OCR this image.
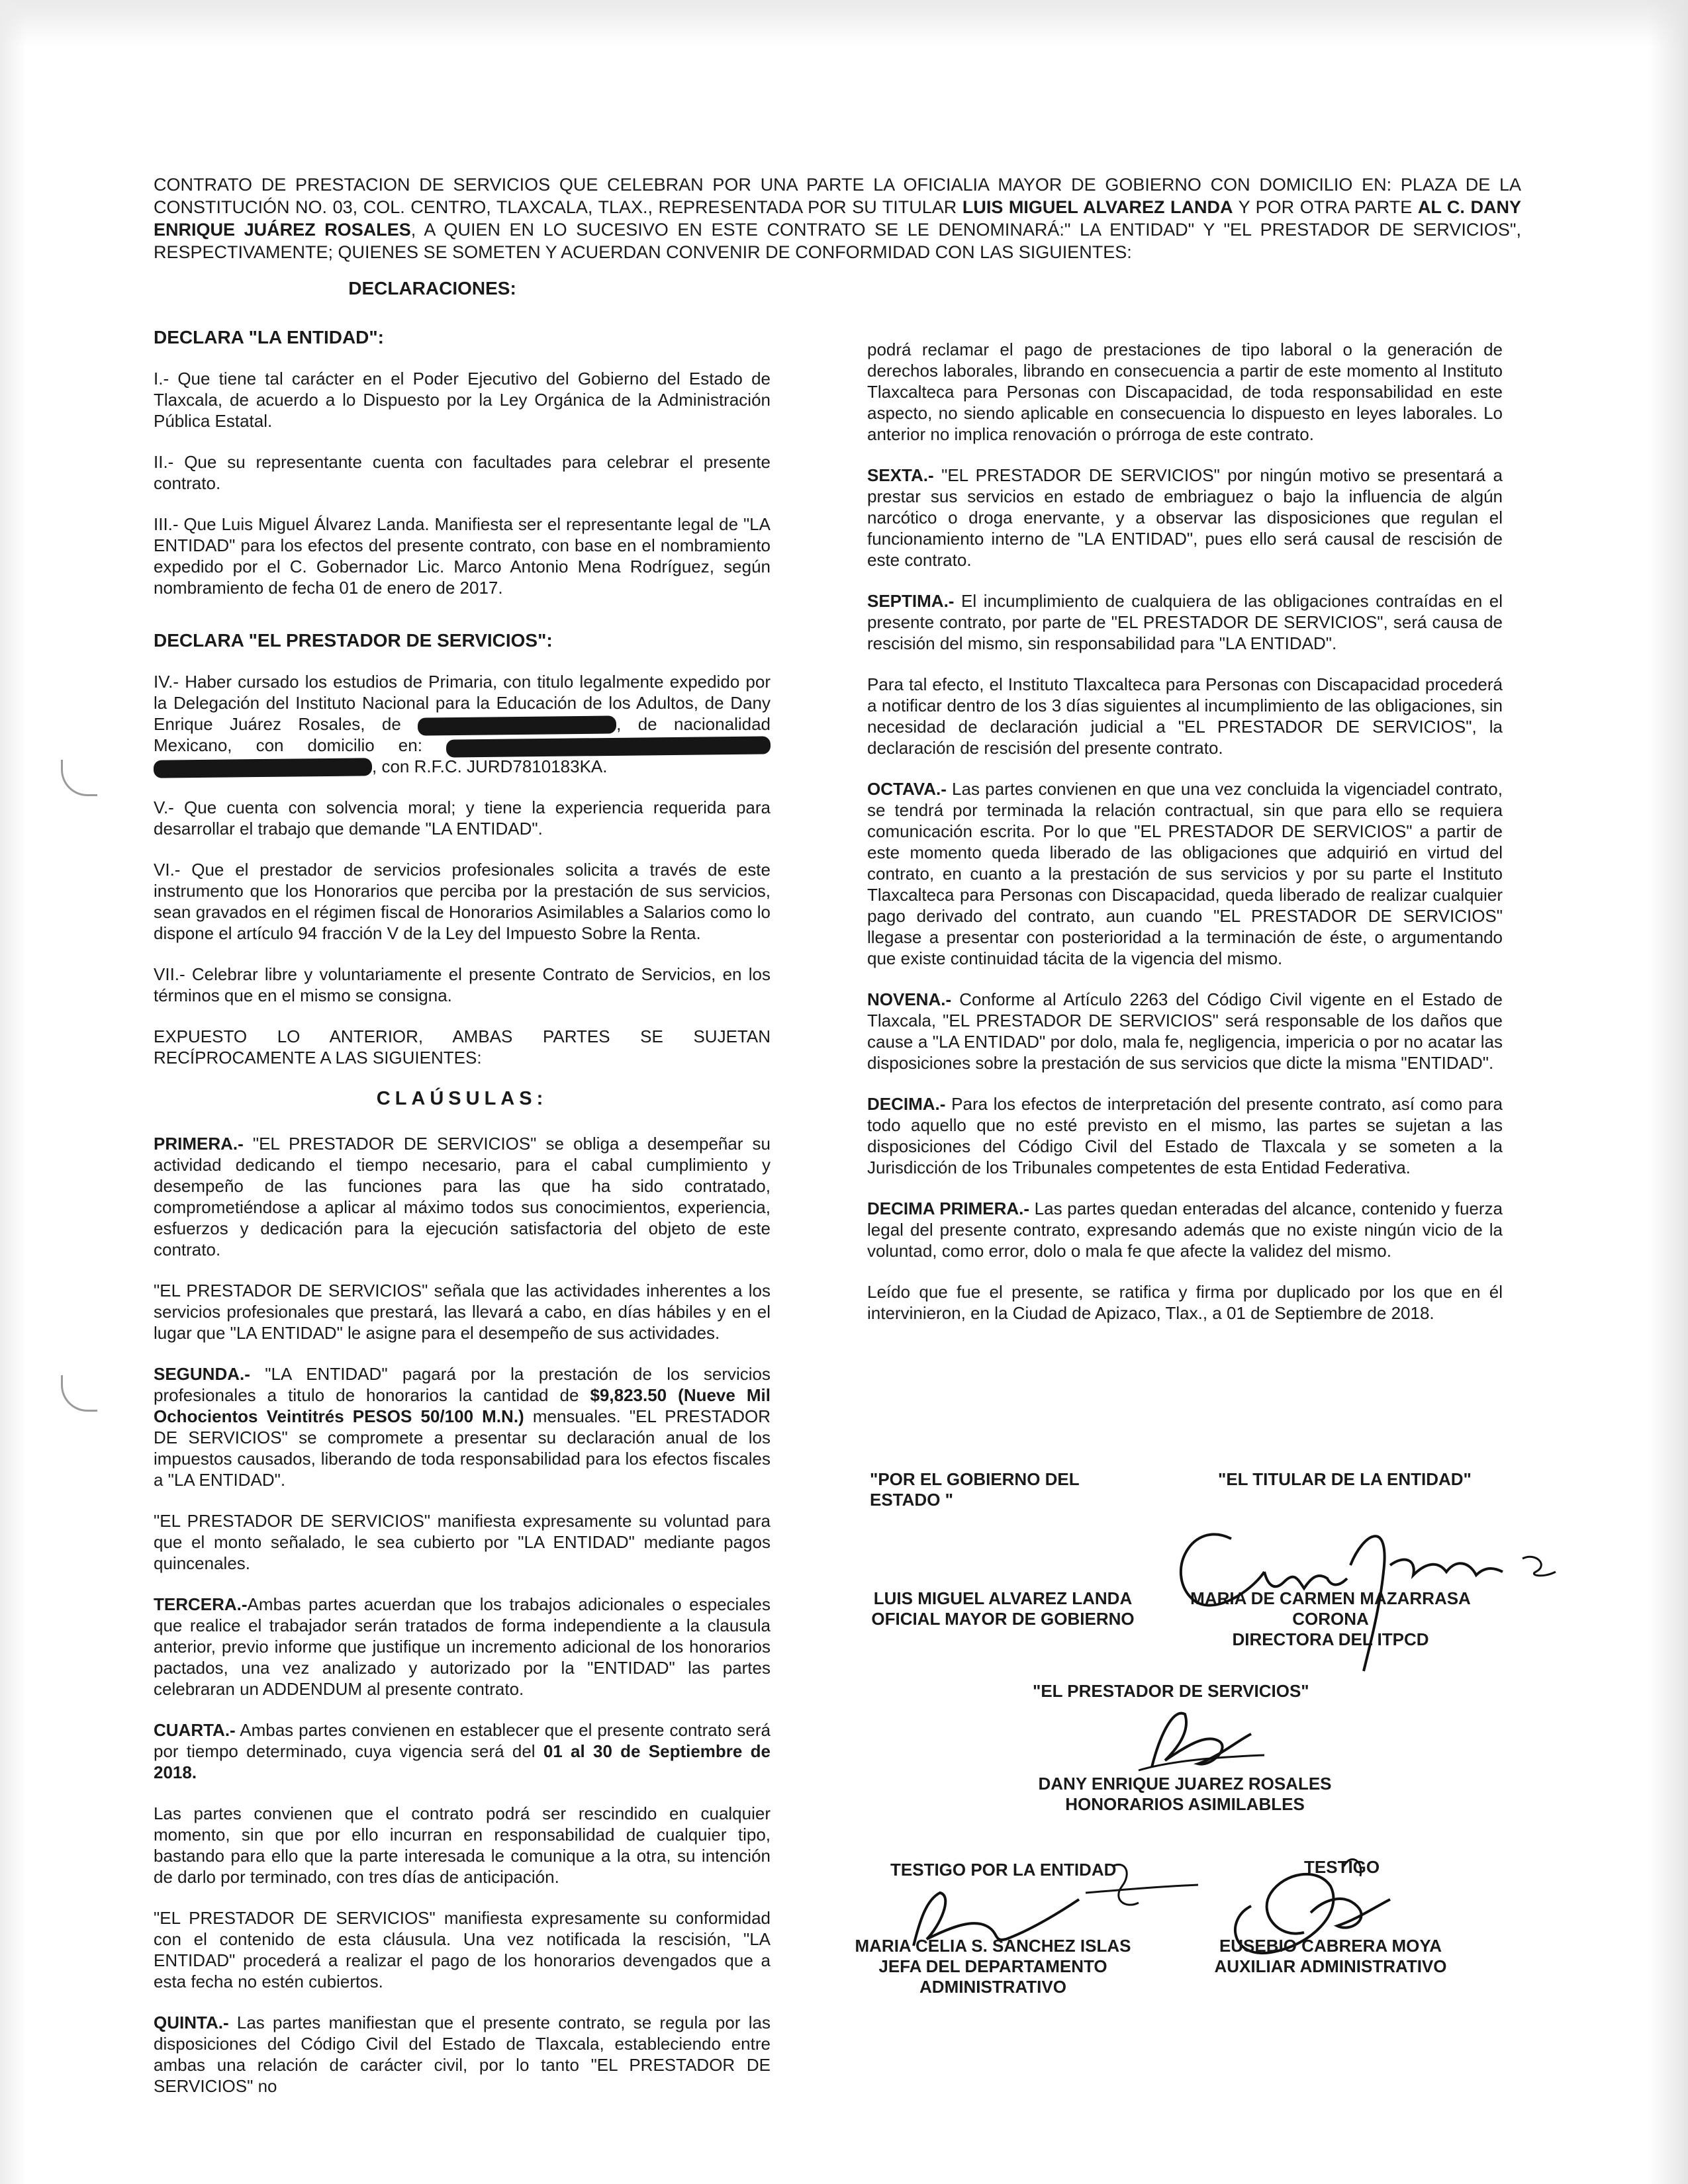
CONTRATO DE PRESTACION DE SERVICIOS QUE CELEBRAN POR UNA PARTE LA OFICIALIA MAYOR DE GOBIERNO CON DOMICILIO EN: PLAZA DE LA CONSTITUCIÓN NO. 03, COL. CENTRO, TLAXCALA, TLAX., REPRESENTADA POR SU TITULAR LUIS MIGUEL ALVAREZ LANDA Y POR OTRA PARTE AL C. DANY ENRIQUE JUÁREZ ROSALES, A QUIEN EN LO SUCESIVO EN ESTE CONTRATO SE LE DENOMINARÁ:" LA ENTIDAD" Y "EL PRESTADOR DE SERVICIOS", RESPECTIVAMENTE; QUIENES SE SOMETEN Y ACUERDAN CONVENIR DE CONFORMIDAD CON LAS SIGUIENTES:
DECLARACIONES:
DECLARA "LA ENTIDAD":

I.- Que tiene tal carácter en el Poder Ejecutivo del Gobierno del Estado de Tlaxcala, de acuerdo a lo Dispuesto por la Ley Orgánica de la Administración Pública Estatal.

II.- Que su representante cuenta con facultades para celebrar el presente contrato.

III.- Que Luis Miguel Álvarez Landa. Manifiesta ser el representante legal de "LA ENTIDAD" para los efectos del presente contrato, con base en el nombramiento expedido por el C. Gobernador Lic. Marco Antonio Mena Rodríguez, según nombramiento de fecha 01 de enero de 2017.

DECLARA "EL PRESTADOR DE SERVICIOS":

IV.- Haber cursado los estudios de Primaria, con titulo legalmente expedido por la Delegación del Instituto Nacional para la Educación de los Adultos, de Dany Enrique Juárez Rosales, de	, de nacionalidad Mexicano, con domicilio en:  , con R.F.C. JURD7810183KA.

V.- Que cuenta con solvencia moral; y tiene la experiencia requerida para desarrollar el trabajo que demande "LA ENTIDAD".

VI.- Que el prestador de servicios profesionales solicita a través de este instrumento que los Honorarios que perciba por la prestación de sus servicios, sean gravados en el régimen fiscal de Honorarios Asimilables a Salarios como lo dispone el artículo 94 fracción V de la Ley del Impuesto Sobre la Renta.

VII.- Celebrar libre y voluntariamente el presente Contrato de Servicios, en los términos que en el mismo se consigna.

EXPUESTO LO ANTERIOR, AMBAS PARTES SE SUJETAN RECÍPROCAMENTE A LAS SIGUIENTES:

CLAÚSULAS:

PRIMERA.- "EL PRESTADOR DE SERVICIOS" se obliga a desempeñar su actividad dedicando el tiempo necesario, para el cabal cumplimiento y desempeño de las funciones para las que ha sido contratado, comprometiéndose a aplicar al máximo todos sus conocimientos, experiencia, esfuerzos y dedicación para la ejecución satisfactoria del objeto de este contrato.

"EL PRESTADOR DE SERVICIOS" señala que las actividades inherentes a los servicios profesionales que prestará, las llevará a cabo, en días hábiles y en el lugar que "LA ENTIDAD" le asigne para el desempeño de sus actividades.

SEGUNDA.- "LA ENTIDAD" pagará por la prestación de los servicios profesionales a titulo de honorarios la cantidad de $9,823.50 (Nueve Mil Ochocientos Veintitrés PESOS 50/100 M.N.) mensuales. "EL PRESTADOR DE SERVICIOS" se compromete a presentar su declaración anual de los impuestos causados, liberando de toda responsabilidad para los efectos fiscales a "LA ENTIDAD".

"EL PRESTADOR DE SERVICIOS" manifiesta expresamente su voluntad para que el monto señalado, le sea cubierto por "LA ENTIDAD" mediante pagos quincenales.

TERCERA.-Ambas partes acuerdan que los trabajos adicionales o especiales que realice el trabajador serán tratados de forma independiente a la clausula anterior, previo informe que justifique un incremento adicional de los honorarios pactados, una vez analizado y autorizado por la "ENTIDAD" las partes celebraran un ADDENDUM al presente contrato.

CUARTA.- Ambas partes convienen en establecer que el presente contrato será por tiempo determinado, cuya vigencia será del 01 al 30 de Septiembre de 2018.

Las partes convienen que el contrato podrá ser rescindido en cualquier momento, sin que por ello incurran en responsabilidad de cualquier tipo, bastando para ello que la parte interesada le comunique a la otra, su intención de darlo por terminado, con tres días de anticipación.

"EL PRESTADOR DE SERVICIOS" manifiesta expresamente su conformidad con el contenido de esta cláusula. Una vez notificada la rescisión, "LA ENTIDAD" procederá a realizar el pago de los honorarios devengados que a esta fecha no estén cubiertos.

QUINTA.- Las partes manifiestan que el presente contrato, se regula por las disposiciones del Código Civil del Estado de Tlaxcala, estableciendo entre ambas una relación de carácter civil, por lo tanto "EL PRESTADOR DE SERVICIOS" no

podrá reclamar el pago de prestaciones de tipo laboral o la generación de derechos laborales, librando en consecuencia a partir de este momento al Instituto Tlaxcalteca para Personas con Discapacidad, de toda responsabilidad en este aspecto, no siendo aplicable en consecuencia lo dispuesto en leyes laborales. Lo anterior no implica renovación o prórroga de este contrato.

SEXTA.- "EL PRESTADOR DE SERVICIOS" por ningún motivo se presentará a prestar sus servicios en estado de embriaguez o bajo la influencia de algún narcótico o droga enervante, y a observar las disposiciones que regulan el funcionamiento interno de "LA ENTIDAD", pues ello será causal de rescisión de este contrato.

SEPTIMA.- El incumplimiento de cualquiera de las obligaciones contraídas en el presente contrato, por parte de "EL PRESTADOR DE SERVICIOS", será causa de rescisión del mismo, sin responsabilidad para "LA ENTIDAD".

Para tal efecto, el Instituto Tlaxcalteca para Personas con Discapacidad procederá a notificar dentro de los 3 días siguientes al incumplimiento de las obligaciones, sin necesidad de declaración judicial a "EL PRESTADOR DE SERVICIOS", la declaración de rescisión del presente contrato.

OCTAVA.- Las partes convienen en que una vez concluida la vigenciadel contrato, se tendrá por terminada la relación contractual, sin que para ello se requiera comunicación escrita. Por lo que "EL PRESTADOR DE SERVICIOS" a partir de este momento queda liberado de las obligaciones que adquirió en virtud del contrato, en cuanto a la prestación de sus servicios y por su parte el Instituto Tlaxcalteca para Personas con Discapacidad, queda liberado de realizar cualquier pago derivado del contrato, aun cuando "EL PRESTADOR DE SERVICIOS" llegase a presentar con posterioridad a la terminación de éste, o argumentando que existe continuidad tácita de la vigencia del mismo.

NOVENA.- Conforme al Artículo 2263 del Código Civil vigente en el Estado de Tlaxcala, "EL PRESTADOR DE SERVICIOS" será responsable de los daños que cause a "LA ENTIDAD" por dolo, mala fe, negligencia, impericia o por no acatar las disposiciones sobre la prestación de sus servicios que dicte la misma "ENTIDAD".

DECIMA.- Para los efectos de interpretación del presente contrato, así como para todo aquello que no esté previsto en el mismo, las partes se sujetan a las disposiciones del Código Civil del Estado de Tlaxcala y se someten a la Jurisdicción de los Tribunales competentes de esta Entidad Federativa.

DECIMA PRIMERA.- Las partes quedan enteradas del alcance, contenido y fuerza legal del presente contrato, expresando además que no existe ningún vicio de la voluntad, como error, dolo o mala fe que afecte la validez del mismo.

Leído que fue el presente, se ratifica y firma por duplicado por los que en él intervinieron, en la Ciudad de Apizaco, Tlax., a 01 de Septiembre de 2018.

"POR EL GOBIERNO DEL ESTADO "
"EL TITULAR DE LA ENTIDAD"
LUIS MIGUEL ALVAREZ LANDA
OFICIAL MAYOR DE GOBIERNO
MARIA DE CARMEN MAZARRASA
CORONA
DIRECTORA DEL ITPCD
"EL PRESTADOR DE SERVICIOS"
DANY ENRIQUE JUAREZ ROSALES
HONORARIOS ASIMILABLES
TESTIGO POR LA ENTIDAD	TESTIGO
MARIA CELIA S. SANCHEZ ISLAS
JEFA DEL DEPARTAMENTO
ADMINISTRATIVO
EUSEBIO CABRERA MOYA
AUXILIAR ADMINISTRATIVO
